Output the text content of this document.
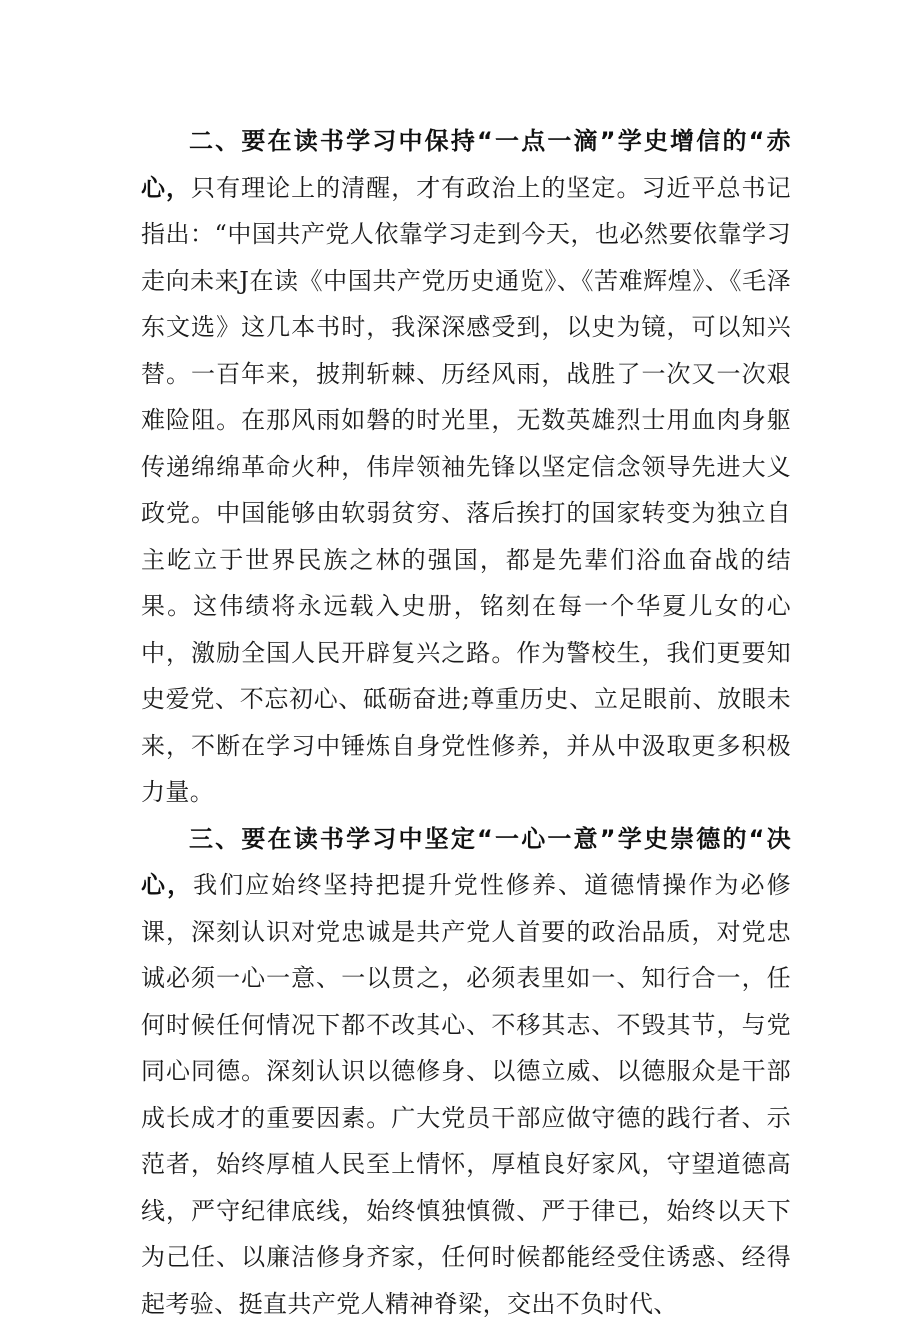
二、要在读书学习中保持“一点一滴”学史增信的“赤心，只有理论上的清醒，才有政治上的坚定。习近平总书记指出：“中国共产党人依靠学习走到今天，也必然要依靠学习走向未来J在读《中国共产党历史通览》、《苦难辉煌》、《毛泽东文选》这几本书时，我深深感受到，以史为镜，可以知兴替。一百年来，披荆斩棘、历经风雨，战胜了一次又一次艰难险阻。在那风雨如磐的时光里，无数英雄烈士用血肉身躯传递绵绵革命火种，伟岸领袖先锋以坚定信念领导先进大义政党。中国能够由软弱贫穷、落后挨打的国家转变为独立自主屹立于世界民族之林的强国，都是先辈们浴血奋战的结果。这伟绩将永远载入史册，铭刻在每一个华夏儿女的心中，激励全国人民开辟复兴之路。作为警校生，我们更要知史爱党、不忘初心、砥砺奋进;尊重历史、立足眼前、放眼未来，不断在学习中锤炼自身党性修养，并从中汲取更多积极力量。

三、要在读书学习中坚定“一心一意”学史崇德的“决心，我们应始终坚持把提升党性修养、道德情操作为必修课，深刻认识对党忠诚是共产党人首要的政治品质，对党忠诚必须一心一意、一以贯之，必须表里如一、知行合一，任何时候任何情况下都不改其心、不移其志、不毁其节，与党同心同德。深刻认识以德修身、以德立威、以德服众是干部成长成才的重要因素。广大党员干部应做守德的践行者、示范者，始终厚植人民至上情怀，厚植良好家风，守望道德高线，严守纪律底线，始终慎独慎微、严于律已，始终以天下为己任、以廉洁修身齐家，任何时候都能经受住诱惑、经得起考验、挺直共产党人精神脊梁，交出不负时代、
